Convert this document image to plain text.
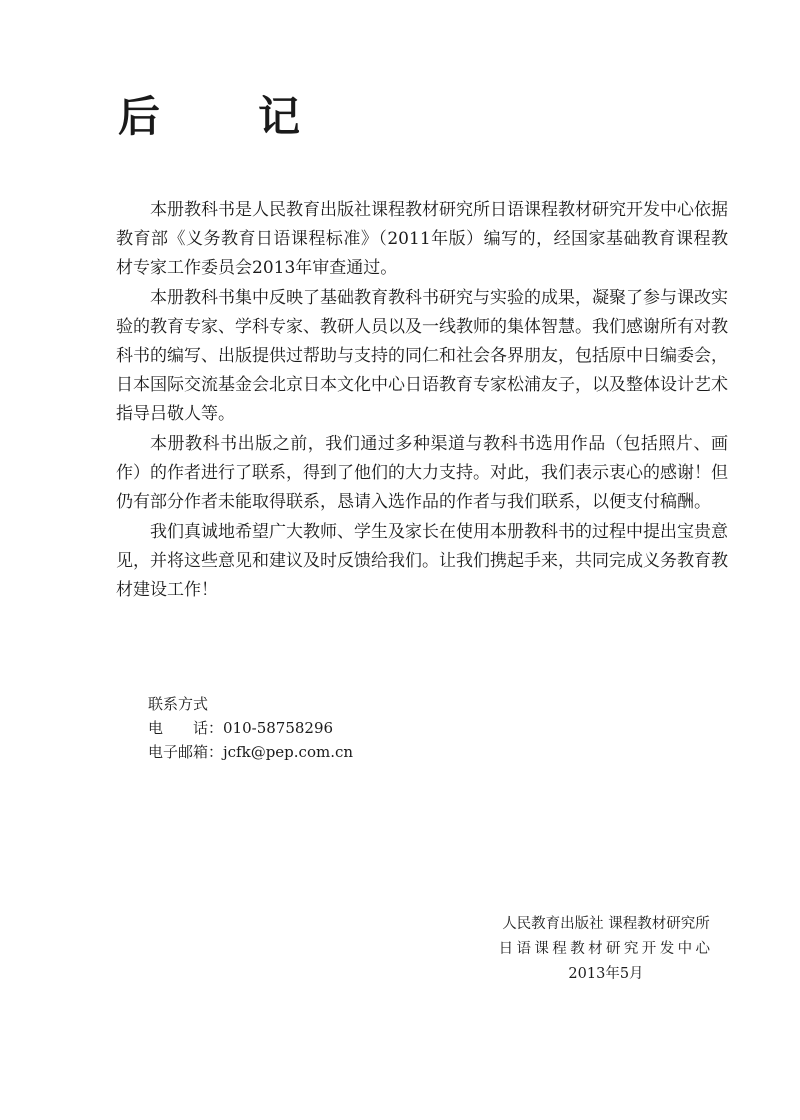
后　记

本册教科书是人民教育出版社课程教材研究所日语课程教材研究开发中心依据教育部《义务教育日语课程标准》（2011年版）编写的，经国家基础教育课程教材专家工作委员会2013年审查通过。

本册教科书集中反映了基础教育教科书研究与实验的成果，凝聚了参与课改实验的教育专家、学科专家、教研人员以及一线教师的集体智慧。我们感谢所有对教科书的编写、出版提供过帮助与支持的同仁和社会各界朋友，包括原中日编委会，日本国际交流基金会北京日本文化中心日语教育专家松浦友子，以及整体设计艺术指导吕敬人等。

本册教科书出版之前，我们通过多种渠道与教科书选用作品（包括照片、画作）的作者进行了联系，得到了他们的大力支持。对此，我们表示衷心的感谢！但仍有部分作者未能取得联系，恳请入选作品的作者与我们联系，以便支付稿酬。

我们真诚地希望广大教师、学生及家长在使用本册教科书的过程中提出宝贵意见，并将这些意见和建议及时反馈给我们。让我们携起手来，共同完成义务教育教材建设工作！

联系方式
电　　话：010-58758296
电子邮箱：jcfk@pep.com.cn
人民教育出版社 课程教材研究所
日语课程教材研究开发中心
2013年5月
